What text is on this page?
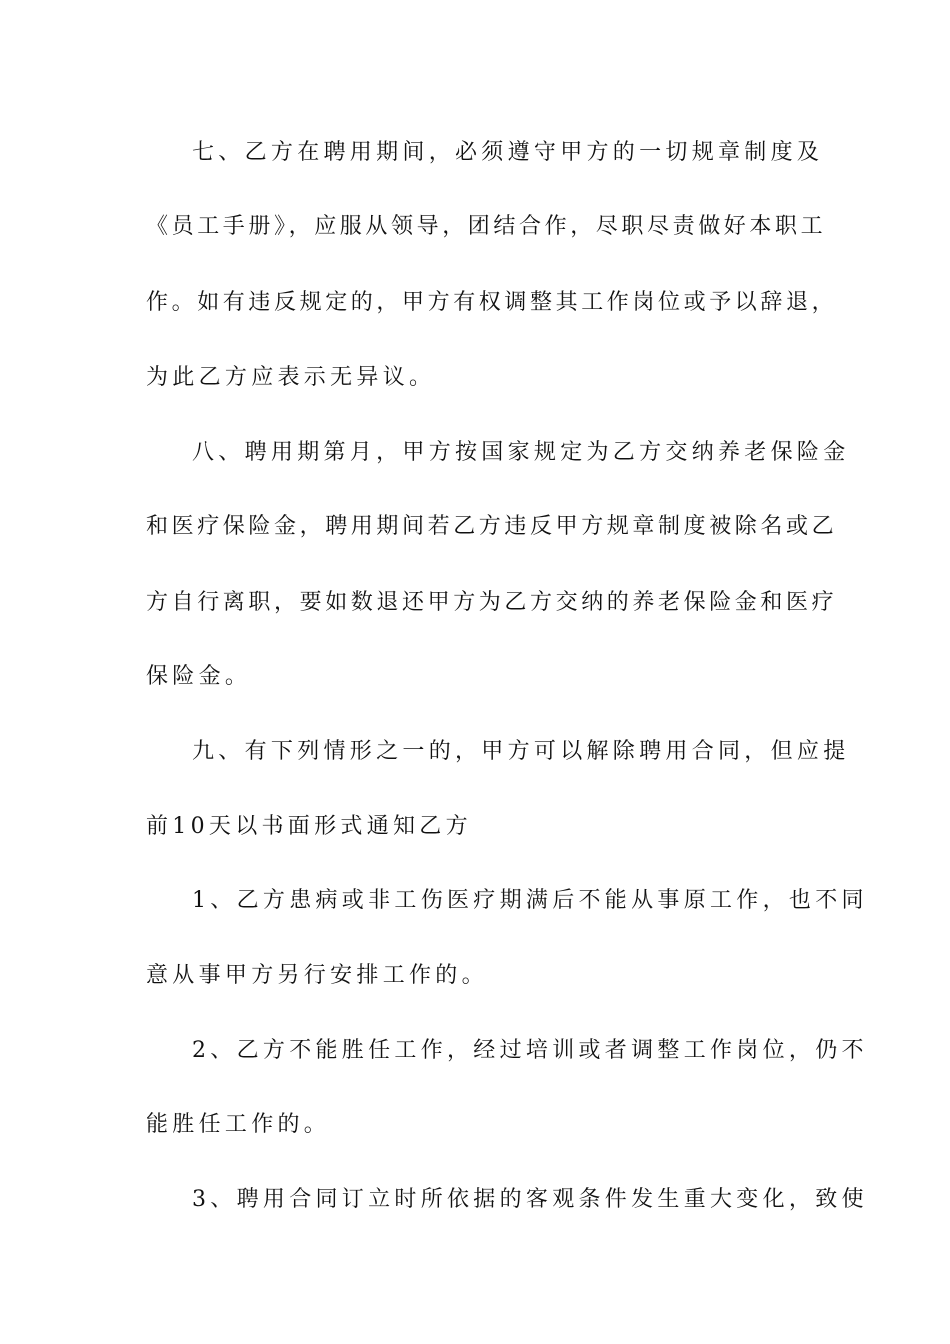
七、乙方在聘用期间，必须遵守甲方的一切规章制度及
《员工手册》，应服从领导，团结合作，尽职尽责做好本职工
作。如有违反规定的，甲方有权调整其工作岗位或予以辞退，
为此乙方应表示无异议。
八、聘用期第月，甲方按国家规定为乙方交纳养老保险金
和医疗保险金，聘用期间若乙方违反甲方规章制度被除名或乙
方自行离职，要如数退还甲方为乙方交纳的养老保险金和医疗
保险金。
九、有下列情形之一的，甲方可以解除聘用合同，但应提
前10天以书面形式通知乙方
1、乙方患病或非工伤医疗期满后不能从事原工作，也不同
意从事甲方另行安排工作的。
2、乙方不能胜任工作，经过培训或者调整工作岗位，仍不
能胜任工作的。
3、聘用合同订立时所依据的客观条件发生重大变化，致使
